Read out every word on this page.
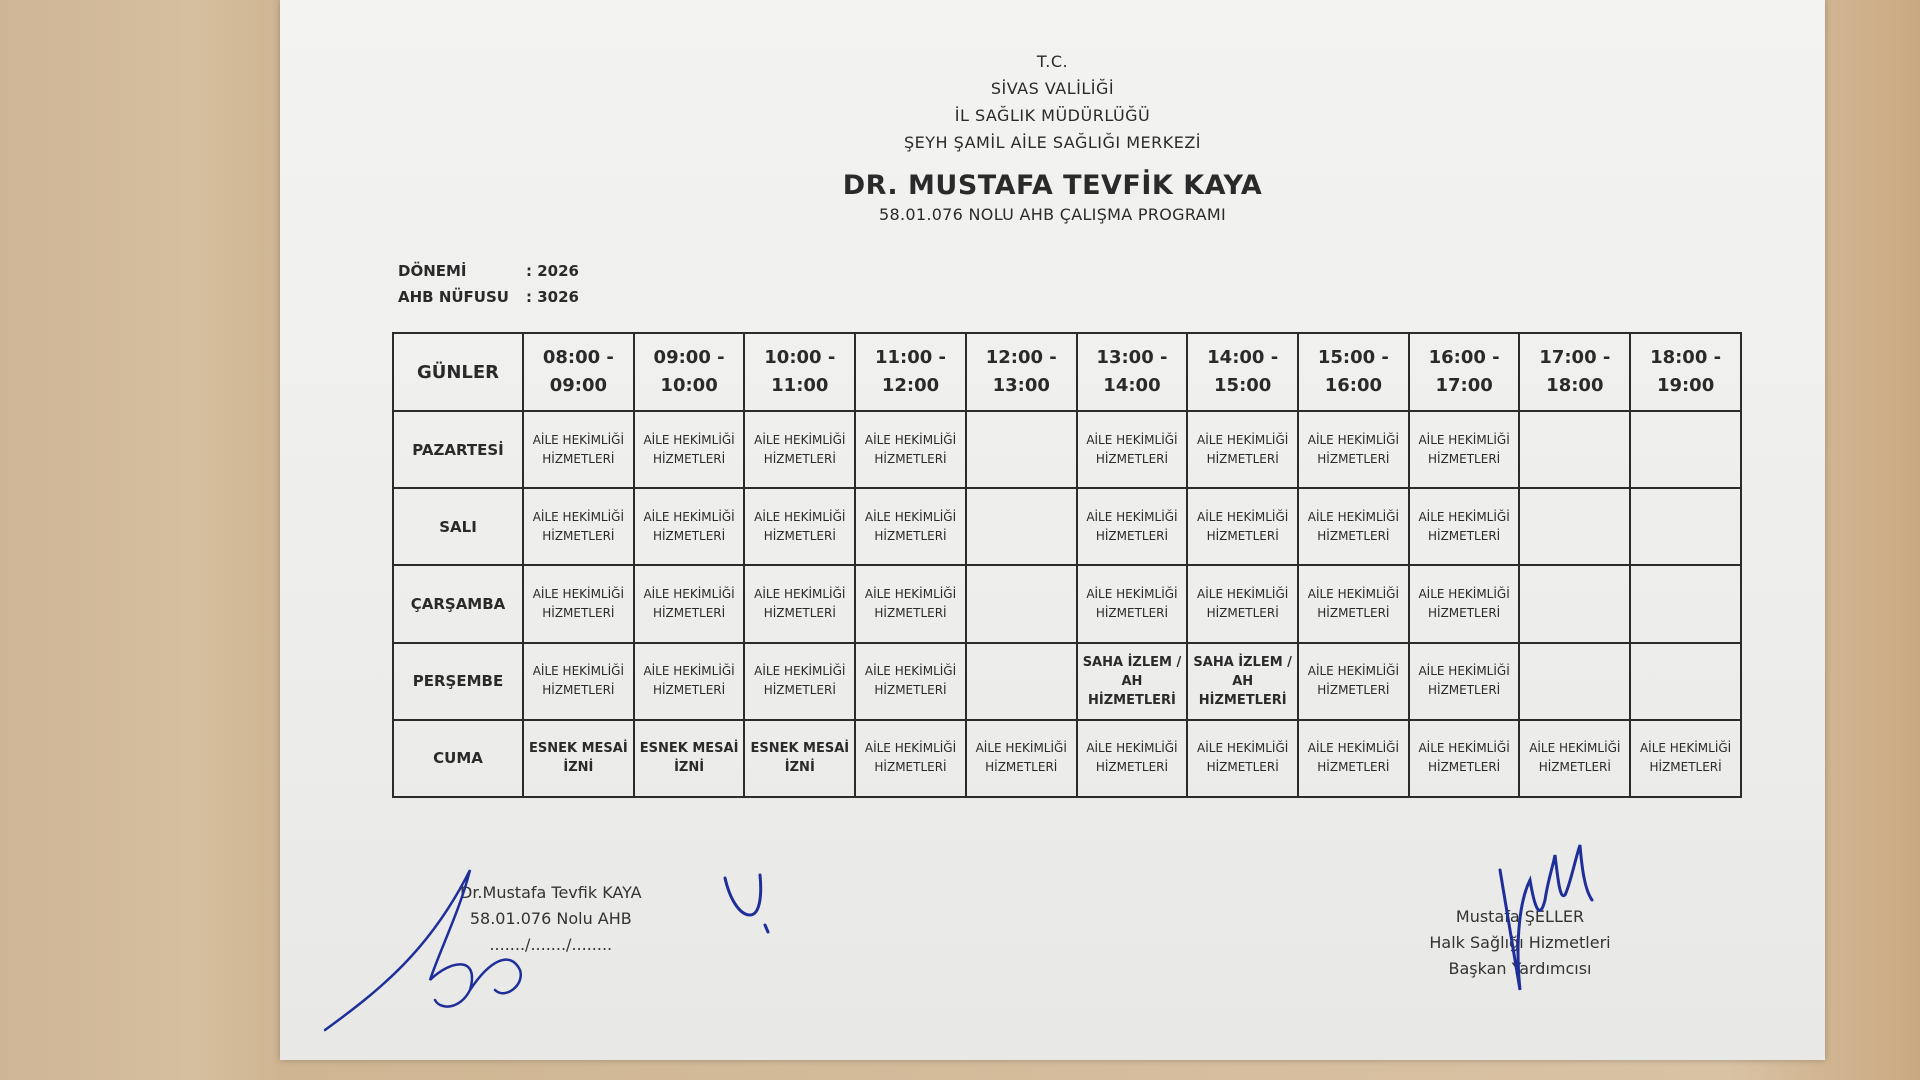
T.C.
SİVAS VALİLİĞİ
İL SAĞLIK MÜDÜRLÜĞÜ
ŞEYH ŞAMİL AİLE SAĞLIĞI MERKEZİ
DR. MUSTAFA TEVFİK KAYA
58.01.076 NOLU AHB ÇALIŞMA PROGRAMI
DÖNEMİ	: 2026
AHB NÜFUSU	: 3026
GÜNLER	08:00 - 09:00	09:00 - 10:00	10:00 - 11:00	11:00 - 12:00	12:00 - 13:00	13:00 - 14:00	14:00 - 15:00	15:00 - 16:00	16:00 - 17:00	17:00 - 18:00	18:00 - 19:00
PAZARTESİ	AİLE HEKİMLİĞİ HİZMETLERİ	AİLE HEKİMLİĞİ HİZMETLERİ	AİLE HEKİMLİĞİ HİZMETLERİ	AİLE HEKİMLİĞİ HİZMETLERİ		AİLE HEKİMLİĞİ HİZMETLERİ	AİLE HEKİMLİĞİ HİZMETLERİ	AİLE HEKİMLİĞİ HİZMETLERİ	AİLE HEKİMLİĞİ HİZMETLERİ		
SALI	AİLE HEKİMLİĞİ HİZMETLERİ	AİLE HEKİMLİĞİ HİZMETLERİ	AİLE HEKİMLİĞİ HİZMETLERİ	AİLE HEKİMLİĞİ HİZMETLERİ		AİLE HEKİMLİĞİ HİZMETLERİ	AİLE HEKİMLİĞİ HİZMETLERİ	AİLE HEKİMLİĞİ HİZMETLERİ	AİLE HEKİMLİĞİ HİZMETLERİ		
ÇARŞAMBA	AİLE HEKİMLİĞİ HİZMETLERİ	AİLE HEKİMLİĞİ HİZMETLERİ	AİLE HEKİMLİĞİ HİZMETLERİ	AİLE HEKİMLİĞİ HİZMETLERİ		AİLE HEKİMLİĞİ HİZMETLERİ	AİLE HEKİMLİĞİ HİZMETLERİ	AİLE HEKİMLİĞİ HİZMETLERİ	AİLE HEKİMLİĞİ HİZMETLERİ		
PERŞEMBE	AİLE HEKİMLİĞİ HİZMETLERİ	AİLE HEKİMLİĞİ HİZMETLERİ	AİLE HEKİMLİĞİ HİZMETLERİ	AİLE HEKİMLİĞİ HİZMETLERİ		SAHA İZLEM / AH HİZMETLERİ	SAHA İZLEM / AH HİZMETLERİ	AİLE HEKİMLİĞİ HİZMETLERİ	AİLE HEKİMLİĞİ HİZMETLERİ		
CUMA	ESNEK MESAİ İZNİ	ESNEK MESAİ İZNİ	ESNEK MESAİ İZNİ	AİLE HEKİMLİĞİ HİZMETLERİ	AİLE HEKİMLİĞİ HİZMETLERİ	AİLE HEKİMLİĞİ HİZMETLERİ	AİLE HEKİMLİĞİ HİZMETLERİ	AİLE HEKİMLİĞİ HİZMETLERİ	AİLE HEKİMLİĞİ HİZMETLERİ	AİLE HEKİMLİĞİ HİZMETLERİ	AİLE HEKİMLİĞİ HİZMETLERİ
Dr.Mustafa Tevfik KAYA
58.01.076 Nolu AHB
......./......./........
Mustafa ŞELLER
Halk Sağlığı Hizmetleri
Başkan Yardımcısı
